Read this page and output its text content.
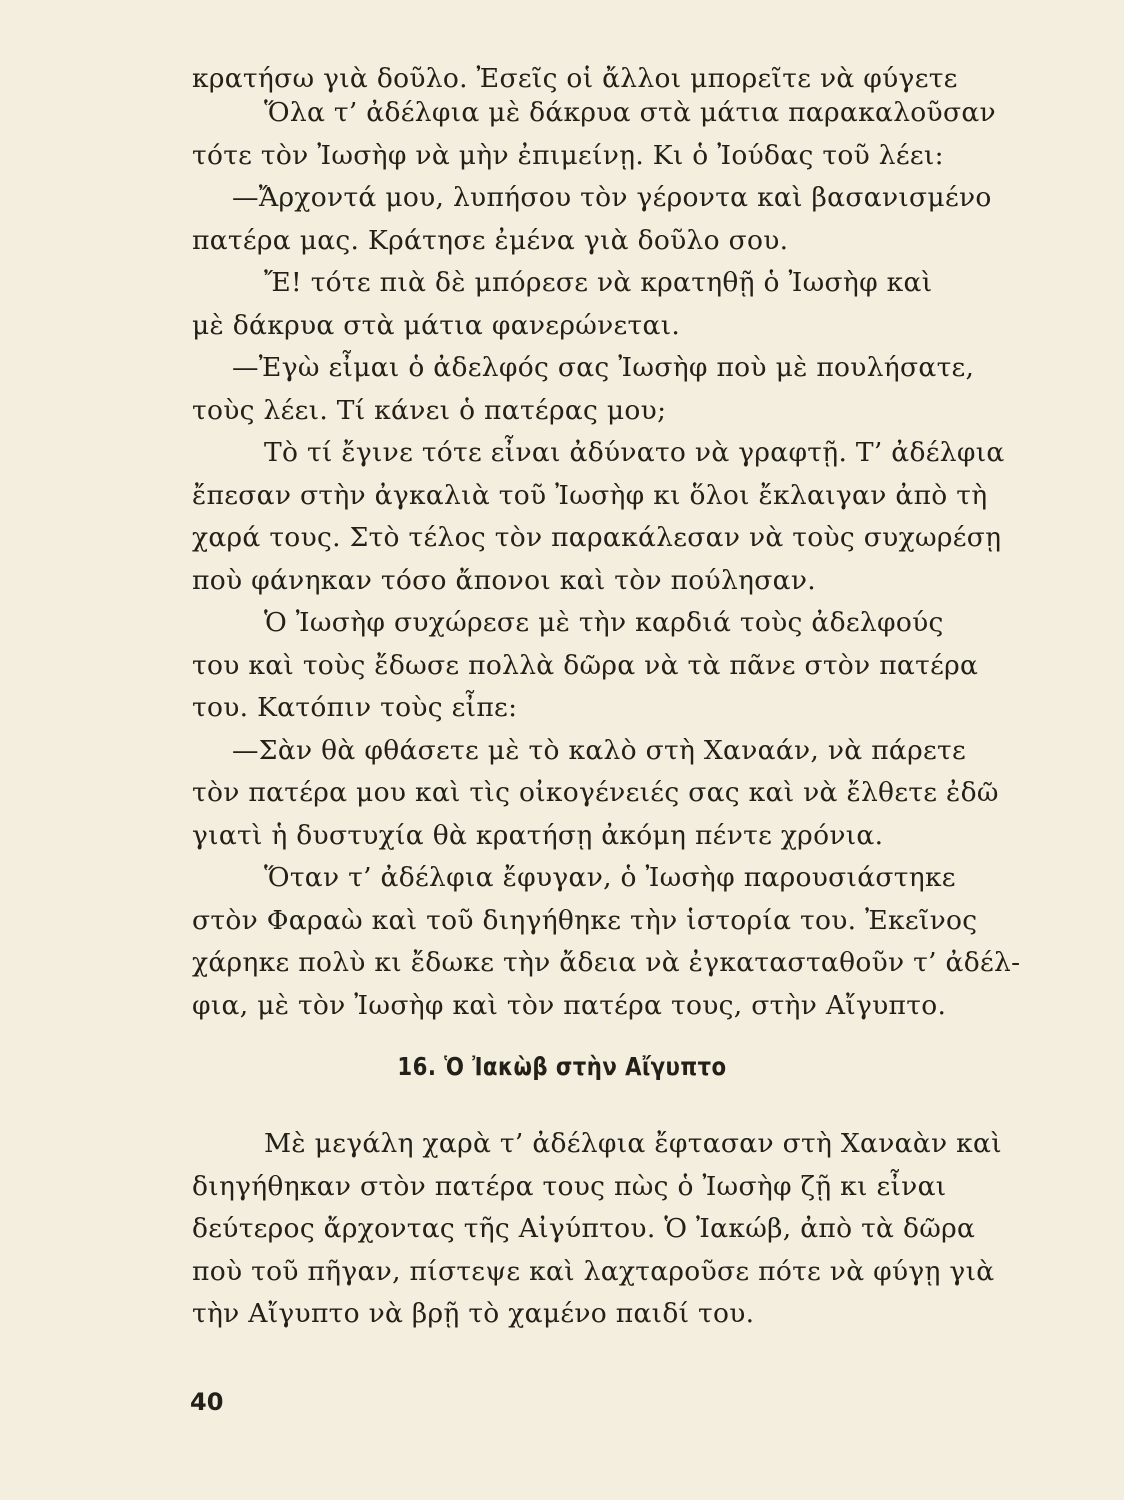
κρατήσω γιὰ δοῦλο. Ἐσεῖς οἱ ἄλλοι μπορεῖτε νὰ φύγετε
Ὅλα τ’ ἀδέλφια μὲ δάκρυα στὰ μάτια παρακαλοῦσαν
τότε τὸν Ἰωσὴφ νὰ μὴν ἐπιμείνῃ. Κι ὁ Ἰούδας τοῦ λέει:
—Ἄρχοντά μου, λυπήσου τὸν γέροντα καὶ βασανισμένο
πατέρα μας. Κράτησε ἐμένα γιὰ δοῦλο σου.
Ἔ! τότε πιὰ δὲ μπόρεσε νὰ κρατηθῇ ὁ Ἰωσὴφ καὶ
μὲ δάκρυα στὰ μάτια φανερώνεται.
—Ἐγὼ εἶμαι ὁ ἀδελφός σας Ἰωσὴφ ποὺ μὲ πουλήσατε,
τοὺς λέει. Τί κάνει ὁ πατέρας μου;
Τὸ τί ἔγινε τότε εἶναι ἀδύνατο νὰ γραφτῇ. Τ’ ἀδέλφια
ἔπεσαν στὴν ἀγκαλιὰ τοῦ Ἰωσὴφ κι ὅλοι ἔκλαιγαν ἀπὸ τὴ
χαρά τους. Στὸ τέλος τὸν παρακάλεσαν νὰ τοὺς συχωρέσῃ
ποὺ φάνηκαν τόσο ἄπονοι καὶ τὸν πούλησαν.
Ὁ Ἰωσὴφ συχώρεσε μὲ τὴν καρδιά τοὺς ἀδελφούς
του καὶ τοὺς ἔδωσε πολλὰ δῶρα νὰ τὰ πᾶνε στὸν πατέρα
του. Κατόπιν τοὺς εἶπε:
—Σὰν θὰ φθάσετε μὲ τὸ καλὸ στὴ Χαναάν, νὰ πάρετε
τὸν πατέρα μου καὶ τὶς οἰκογένειές σας καὶ νὰ ἔλθετε ἐδῶ
γιατὶ ἡ δυστυχία θὰ κρατήσῃ ἀκόμη πέντε χρόνια.
Ὅταν τ’ ἀδέλφια ἔφυγαν, ὁ Ἰωσὴφ παρουσιάστηκε
στὸν Φαραὼ καὶ τοῦ διηγήθηκε τὴν ἱστορία του. Ἐκεῖνος
χάρηκε πολὺ κι ἔδωκε τὴν ἄδεια νὰ ἐγκατασταθοῦν τ’ ἀδέλ-
φια, μὲ τὸν Ἰωσὴφ καὶ τὸν πατέρα τους, στὴν Αἴγυπτο.
16. Ὁ Ἰακὼβ στὴν Αἴγυπτο
Μὲ μεγάλη χαρὰ τ’ ἀδέλφια ἔφτασαν στὴ Χαναὰν καὶ
διηγήθηκαν στὸν πατέρα τους πὼς ὁ Ἰωσὴφ ζῇ κι εἶναι
δεύτερος ἄρχοντας τῆς Αἰγύπτου. Ὁ Ἰακώβ, ἀπὸ τὰ δῶρα
ποὺ τοῦ πῆγαν, πίστεψε καὶ λαχταροῦσε πότε νὰ φύγῃ γιὰ
τὴν Αἴγυπτο νὰ βρῇ τὸ χαμένο παιδί του.
40
